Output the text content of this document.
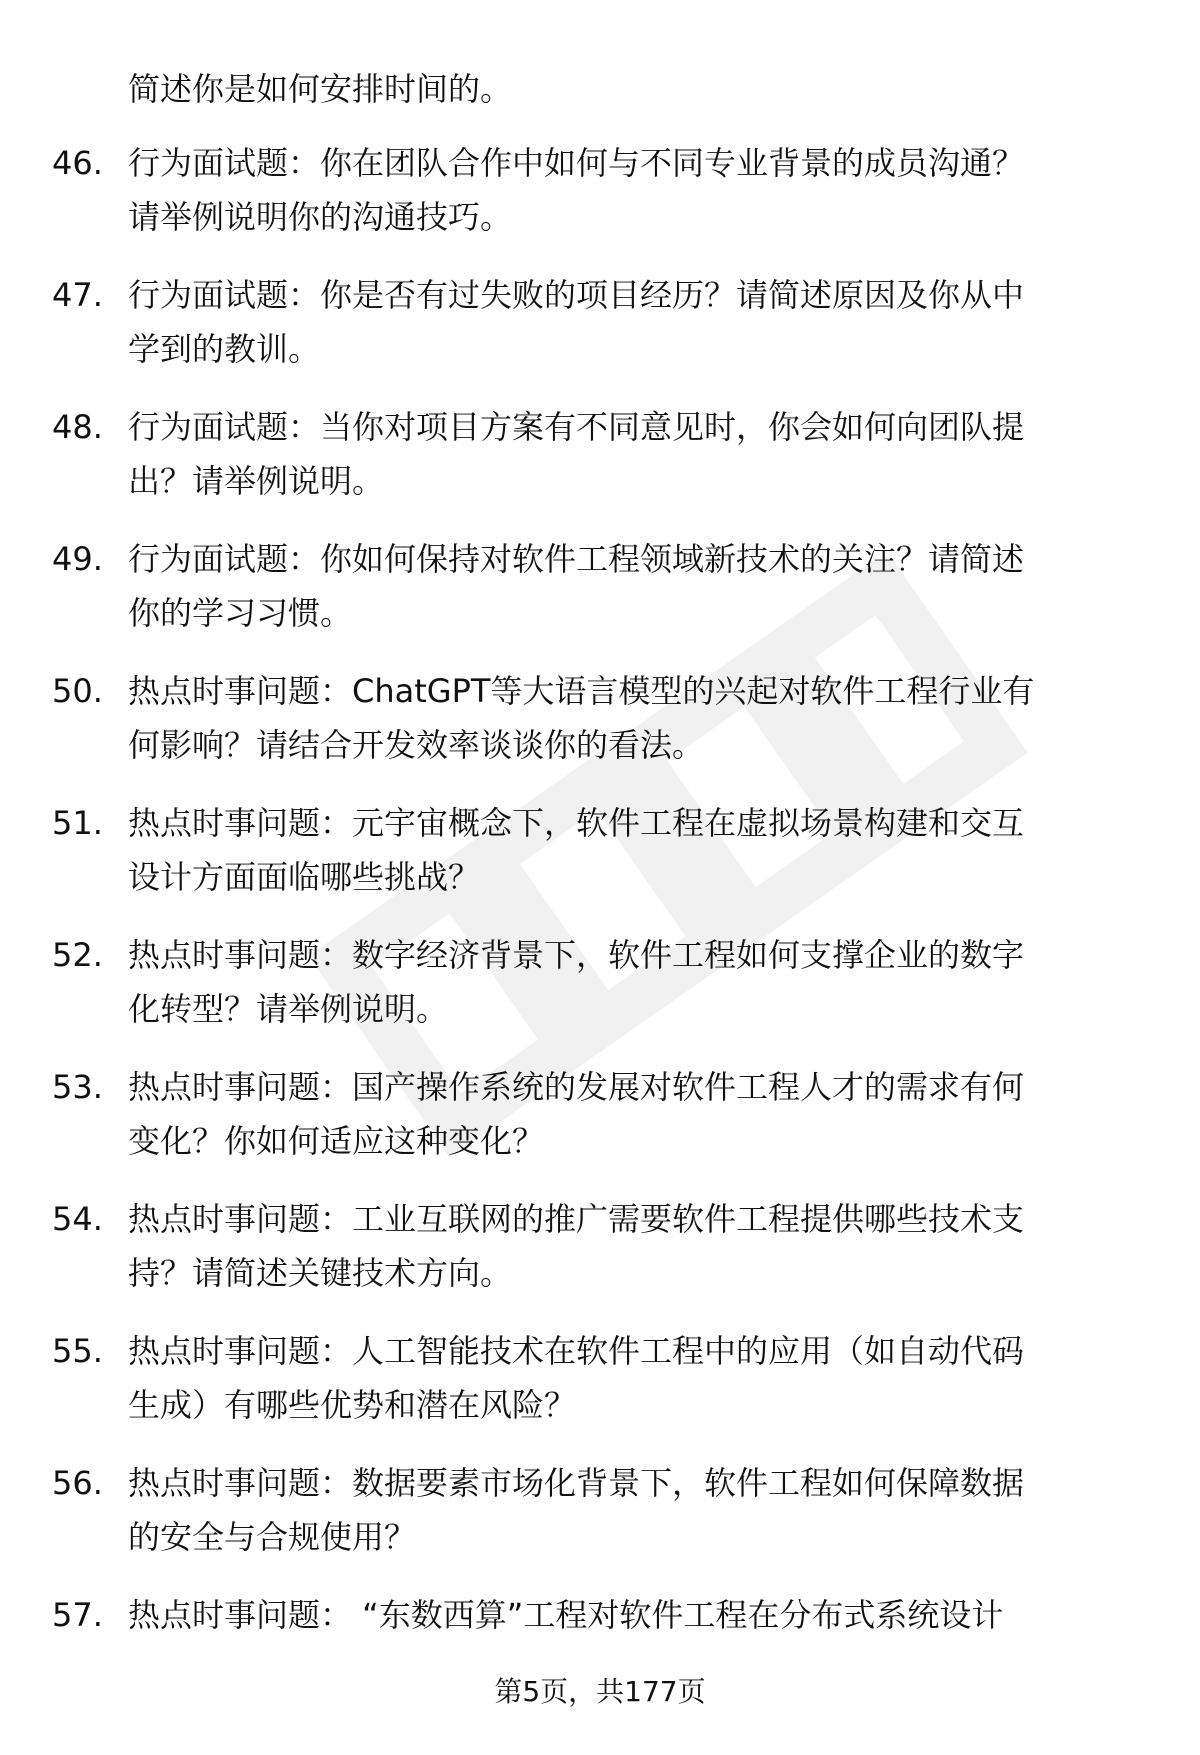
简述你是如何安排时间的。
46. 行为面试题：你在团队合作中如何与不同专业背景的成员沟通？
请举例说明你的沟通技巧。
47. 行为面试题：你是否有过失败的项目经历？请简述原因及你从中
学到的教训。
48. 行为面试题：当你对项目方案有不同意见时，你会如何向团队提
出？请举例说明。
49. 行为面试题：你如何保持对软件工程领域新技术的关注？请简述
你的学习习惯。
50. 热点时事问题：ChatGPT等大语言模型的兴起对软件工程行业有
何影响？请结合开发效率谈谈你的看法。
51. 热点时事问题：元宇宙概念下，软件工程在虚拟场景构建和交互
设计方面面临哪些挑战？
52. 热点时事问题：数字经济背景下，软件工程如何支撑企业的数字
化转型？请举例说明。
53. 热点时事问题：国产操作系统的发展对软件工程人才的需求有何
变化？你如何适应这种变化？
54. 热点时事问题：工业互联网的推广需要软件工程提供哪些技术支
持？请简述关键技术方向。
55. 热点时事问题：人工智能技术在软件工程中的应用（如自动代码
生成）有哪些优势和潜在风险？
56. 热点时事问题：数据要素市场化背景下，软件工程如何保障数据
的安全与合规使用？
57. 热点时事问题： “东数西算”工程对软件工程在分布式系统设计
第5页，共177页
